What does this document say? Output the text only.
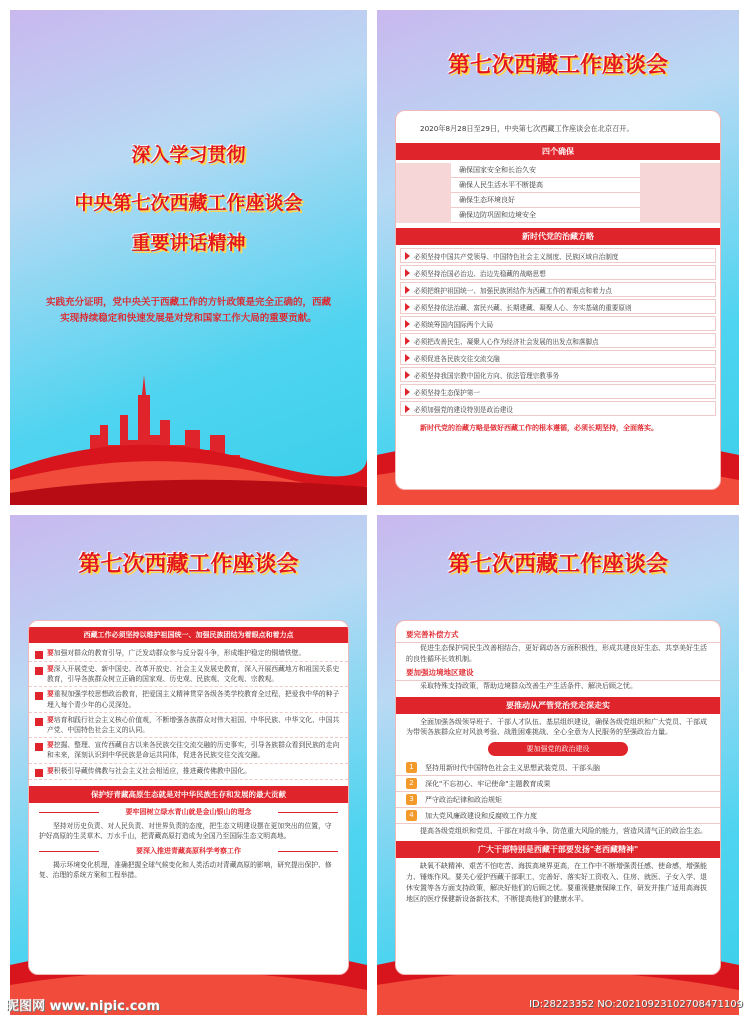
深入学习贯彻
中央第七次西藏工作座谈会
重要讲话精神
实践充分证明，党中央关于西藏工作的方针政策是完全正确的，西藏实现持续稳定和快速发展是对党和国家工作大局的重要贡献。
第七次西藏工作座谈会
2020年8月28日至29日，中央第七次西藏工作座谈会在北京召开。
四个确保
确保国家安全和长治久安
确保人民生活水平不断提高
确保生态环境良好
确保边防巩固和边境安全
新时代党的治藏方略
必须坚持中国共产党领导、中国特色社会主义制度、民族区域自治制度
必须坚持治国必治边、治边先稳藏的战略思想
必须把维护祖国统一、加强民族团结作为西藏工作的着眼点和着力点
必须坚持依法治藏、富民兴藏、长期建藏、凝聚人心、夯实基础的重要原则
必须统筹国内国际两个大局
必须把改善民生、凝聚人心作为经济社会发展的出发点和落脚点
必须促进各民族交往交流交融
必须坚持我国宗教中国化方向、依法管理宗教事务
必须坚持生态保护第一
必须加强党的建设特别是政治建设
新时代党的治藏方略是做好西藏工作的根本遵循，必须长期坚持，全面落实。
第七次西藏工作座谈会
西藏工作必须坚持以维护祖国统一、加强民族团结为着眼点和着力点
要加强对群众的教育引导，广泛发动群众参与反分裂斗争，形成维护稳定的铜墙铁壁。
要深入开展党史、新中国史、改革开放史、社会主义发展史教育，深入开展西藏地方和祖国关系史教育，引导各族群众树立正确的国家观、历史观、民族观、文化观、宗教观。
要重视加强学校思想政治教育，把爱国主义精神贯穿各级各类学校教育全过程，把爱我中华的种子埋入每个青少年的心灵深处。
要培育和践行社会主义核心价值观，不断增强各族群众对伟大祖国、中华民族、中华文化、中国共产党、中国特色社会主义的认同。
要挖掘、整理、宣传西藏自古以来各民族交往交流交融的历史事实，引导各族群众看到民族的走向和未来，深刻认识到中华民族是命运共同体，促进各民族交往交流交融。
要积极引导藏传佛教与社会主义社会相适应，推进藏传佛教中国化。
保护好青藏高原生态就是对中华民族生存和发展的最大贡献
要牢固树立绿水青山就是金山银山的理念
坚持对历史负责、对人民负责、对世界负责的态度，把生态文明建设摆在更加突出的位置，守护好高原的生灵草木、万水千山，把青藏高原打造成为全国乃至国际生态文明高地。
要深入推进青藏高原科学考察工作
揭示环境变化机理，准确把握全球气候变化和人类活动对青藏高原的影响，研究提出保护、修复、治理的系统方案和工程举措。
第七次西藏工作座谈会
要完善补偿方式
促进生态保护同民生改善相结合，更好调动各方面积极性，形成共建良好生态、共享美好生活的良性循环长效机制。
要加强边境地区建设
采取特殊支持政策，帮助边境群众改善生产生活条件、解决后顾之忧。
要推动从严管党治党走深走实
全面加强各级领导班子、干部人才队伍、基层组织建设，确保各级党组织和广大党员、干部成为带领各族群众应对风浪考验、战胜困难挑战、全心全意为人民服务的坚强政治力量。
要加强党的政治建设
1	坚持用新时代中国特色社会主义思想武装党员、干部头脑
2	深化"不忘初心、牢记使命"主题教育成果
3	严守政治纪律和政治规矩
4	加大党风廉政建设和反腐败工作力度
提高各级党组织和党员、干部在对敌斗争、防范重大风险的能力，营造风清气正的政治生态。
广大干部特别是西藏干部要发扬"老西藏精神"
缺氧不缺精神、艰苦不怕吃苦、海拔高境界更高，在工作中不断增强责任感、使命感，增强能力、锤炼作风。要关心爱护西藏干部职工，完善好、落实好工资收入、住房、就医、子女入学、退休安置等各方面支持政策，解决好他们的后顾之忧。要重视健康保障工作，研发并推广适用高海拔地区的医疗保健新设备新技术，不断提高他们的健康水平。
昵图网 www.nipic.com	ID:28223352 NO:20210923102708471109
